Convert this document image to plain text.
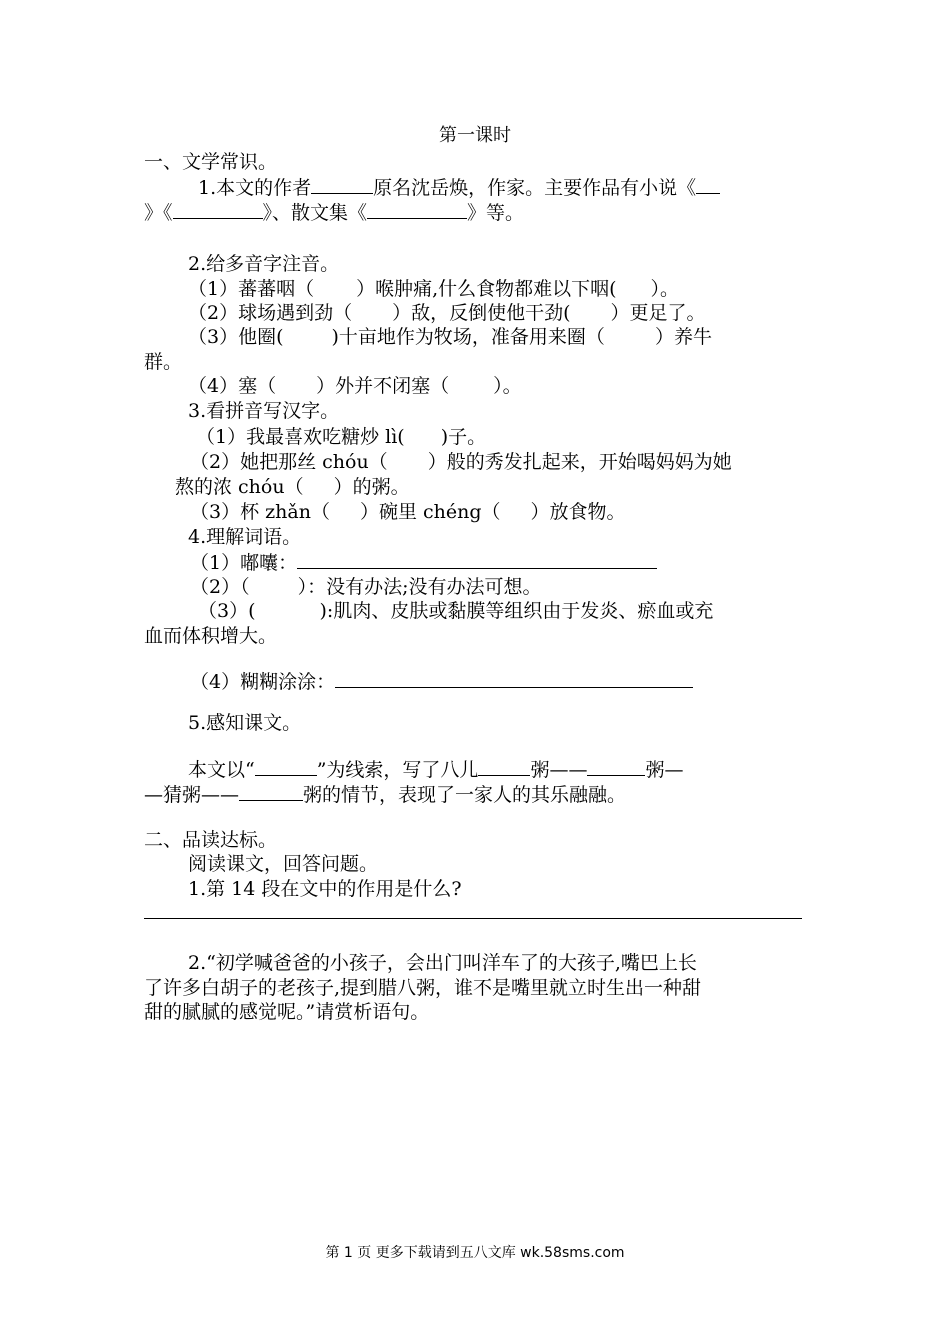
第一课时
一、文学常识。
1.本文的作者	原名沈岳焕，作家。主要作品有小说《
》《	》、散文集《	》等。
2.给多音字注音。
（1）蕃蕃咽（ ）喉肿痛,什么食物都难以下咽( ）。
（2）球场遇到劲（ ）敌，反倒使他干劲( ）更足了。
（3）他圈(	)十亩地作为牧场，准备用来圈（	）养牛
群。
（4）塞（ ）外并不闭塞（ ）。
3.看拼音写汉字。
（1）我最喜欢吃糖炒 lì( )子。
（2）她把那丝 chóu（ ）般的秀发扎起来，开始喝妈妈为她
熬的浓 chóu（ ）的粥。
（3）杯 zhǎn（ ）碗里 chéng（ ）放食物。
4.理解词语。
（1）嘟囔：
（2）（	）：没有办法;没有办法可想。
（3）(	):肌肉、皮肤或黏膜等组织由于发炎、瘀血或充
血而体积增大。
（4）糊糊涂涂：
5.感知课文。
本文以“	”为线索，写了八儿	粥——	粥—
—猜粥——	粥的情节，表现了一家人的其乐融融。
二、品读达标。
阅读课文，回答问题。
1.第 14 段在文中的作用是什么?
2.“初学喊爸爸的小孩子，会出门叫洋车了的大孩子,嘴巴上长
了许多白胡子的老孩子,提到腊八粥，谁不是嘴里就立时生出一种甜
甜的腻腻的感觉呢。”请赏析语句。
第 1 页 更多下载请到五八文库 wk.58sms.com
